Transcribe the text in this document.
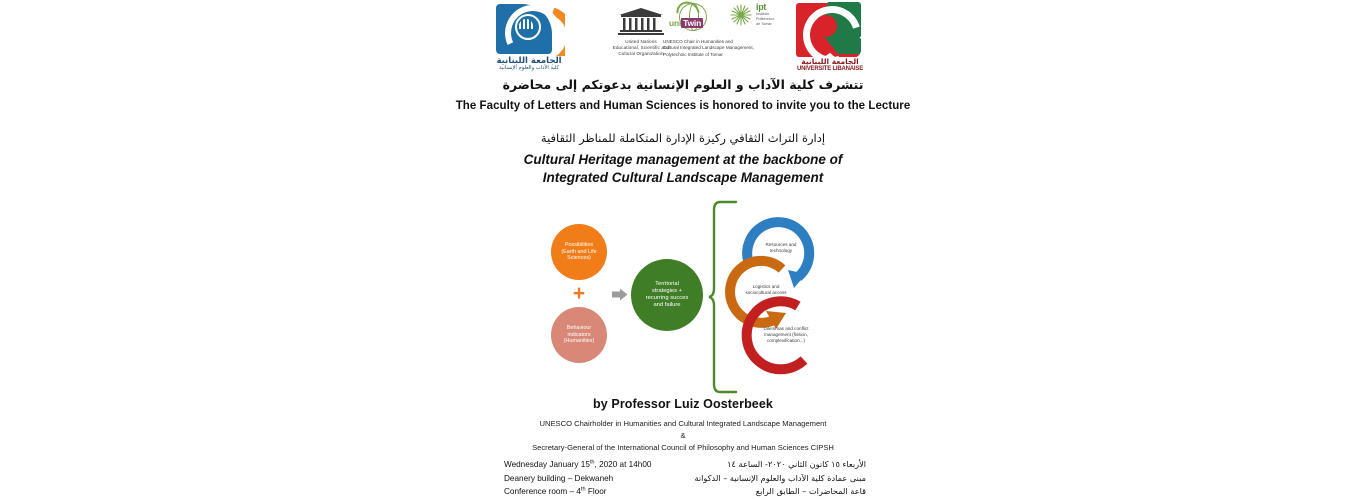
الجامعة اللبنانية
كلية الآداب والعلوم الإنسانية
United Nations
Educational, Scientific and
Cultural Organization
uni Twin
ipt
Instituto
Politécnico
de Tomar
UNESCO Chair in Humanities and
Cultural Integrated Landscape Management,
Polytechnic Institute of Tomar
الجامعة اللبنانية
UNIVERSITE LIBANAISE
تتشرف كلية الآداب و العلوم الإنسانية بدعوتكم إلى محاضرة
The Faculty of Letters and Human Sciences is honored to invite you to the Lecture
إدارة التراث الثقافي ركيزة الإدارة المتكاملة للمناظر الثقافية
Cultural Heritage management at the backbone of
Integrated Cultural Landscape Management
Possibilities
(Earth and Life
Sciences)
+
Behaviour
indicators
(Humanities)
Territorial
strategies +
recurring succes
and failure
Resources and
technology
Logistics and
sociocultural access
Dilemmas and conflict
management (fission,
complexification...)
by Professor Luiz Oosterbeek
UNESCO Chairholder in Humanities and Cultural Integrated Landscape Management
&
Secretary-General of the International Council of Philosophy and Human Sciences CIPSH
Wednesday January 15th, 2020 at 14h00
Deanery building – Dekwaneh
Conference room – 4th Floor
الأربعاء ١٥ كانون الثاني ٢٠٢٠- الساعة ١٤
مبنى عمادة كلية الآداب والعلوم الإنسانية – الدكوانة
قاعة المحاضرات – الطابق الرابع
